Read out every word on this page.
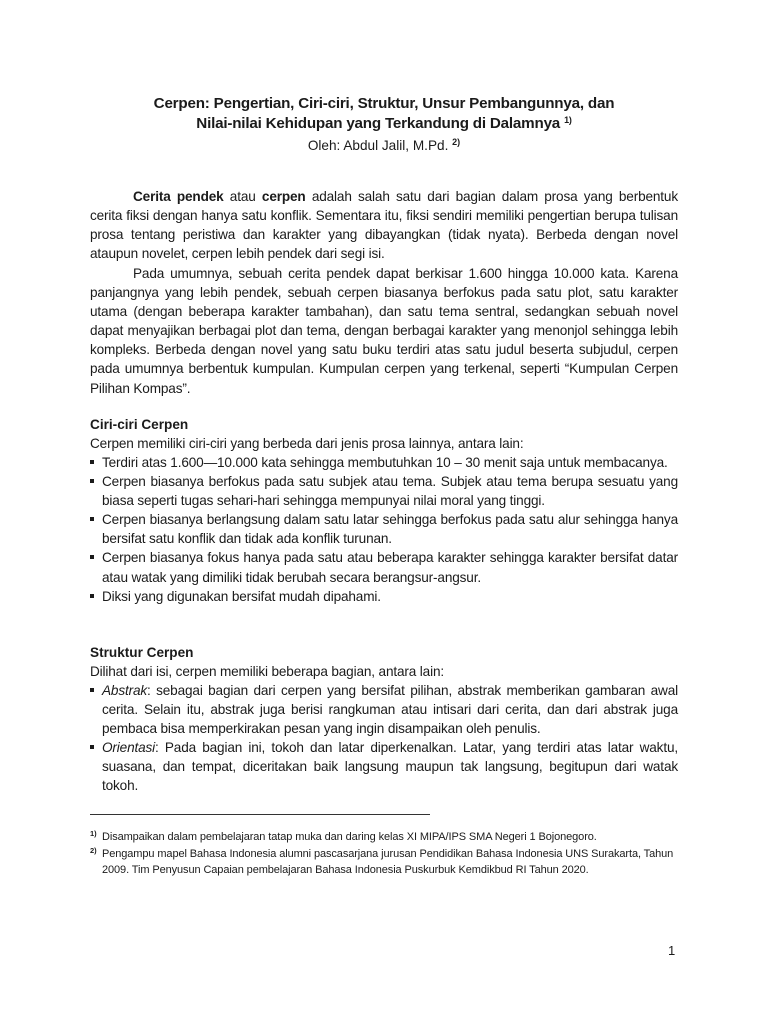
Cerpen: Pengertian, Ciri-ciri, Struktur, Unsur Pembangunnya, dan
Nilai-nilai Kehidupan yang Terkandung di Dalamnya $^{1)}$
Oleh: Abdul Jalil, M.Pd. $^{2)}$

Cerita pendek atau cerpen adalah salah satu dari bagian dalam prosa yang berbentuk cerita fiksi dengan hanya satu konflik. Sementara itu, fiksi sendiri memiliki pengertian berupa tulisan prosa tentang peristiwa dan karakter yang dibayangkan (tidak nyata). Berbeda dengan novel ataupun novelet, cerpen lebih pendek dari segi isi.

Pada umumnya, sebuah cerita pendek dapat berkisar 1.600 hingga 10.000 kata. Karena panjangnya yang lebih pendek, sebuah cerpen biasanya berfokus pada satu plot, satu karakter utama (dengan beberapa karakter tambahan), dan satu tema sentral, sedangkan sebuah novel dapat menyajikan berbagai plot dan tema, dengan berbagai karakter yang menonjol sehingga lebih kompleks. Berbeda dengan novel yang satu buku terdiri atas satu judul beserta subjudul, cerpen pada umumnya berbentuk kumpulan. Kumpulan cerpen yang terkenal, seperti “Kumpulan Cerpen Pilihan Kompas”.

Ciri-ciri Cerpen
Cerpen memiliki ciri-ciri yang berbeda dari jenis prosa lainnya, antara lain:
Terdiri atas 1.600—10.000 kata sehingga membutuhkan 10 – 30 menit saja untuk membacanya.
Cerpen biasanya berfokus pada satu subjek atau tema. Subjek atau tema berupa sesuatu yang biasa seperti tugas sehari-hari sehingga mempunyai nilai moral yang tinggi.
Cerpen biasanya berlangsung dalam satu latar sehingga berfokus pada satu alur sehingga hanya bersifat satu konflik dan tidak ada konflik turunan.
Cerpen biasanya fokus hanya pada satu atau beberapa karakter sehingga karakter bersifat datar atau watak yang dimiliki tidak berubah secara berangsur-angsur.
Diksi yang digunakan bersifat mudah dipahami.
Struktur Cerpen
Dilihat dari isi, cerpen memiliki beberapa bagian, antara lain:
Abstrak: sebagai bagian dari cerpen yang bersifat pilihan, abstrak memberikan gambaran awal cerita. Selain itu, abstrak juga berisi rangkuman atau intisari dari cerita, dan dari abstrak juga pembaca bisa memperkirakan pesan yang ingin disampaikan oleh penulis.
Orientasi: Pada bagian ini, tokoh dan latar diperkenalkan. Latar, yang terdiri atas latar waktu, suasana, dan tempat, diceritakan baik langsung maupun tak langsung, begitupun dari watak tokoh.
$^{1)}$ Disampaikan dalam pembelajaran tatap muka dan daring kelas XI MIPA/IPS SMA Negeri 1 Bojonegoro.
$^{2)}$ Pengampu mapel Bahasa Indonesia alumni pascasarjana jurusan Pendidikan Bahasa Indonesia UNS Surakarta, Tahun 2009. Tim Penyusun Capaian pembelajaran Bahasa Indonesia Puskurbuk Kemdikbud RI Tahun 2020.
1
